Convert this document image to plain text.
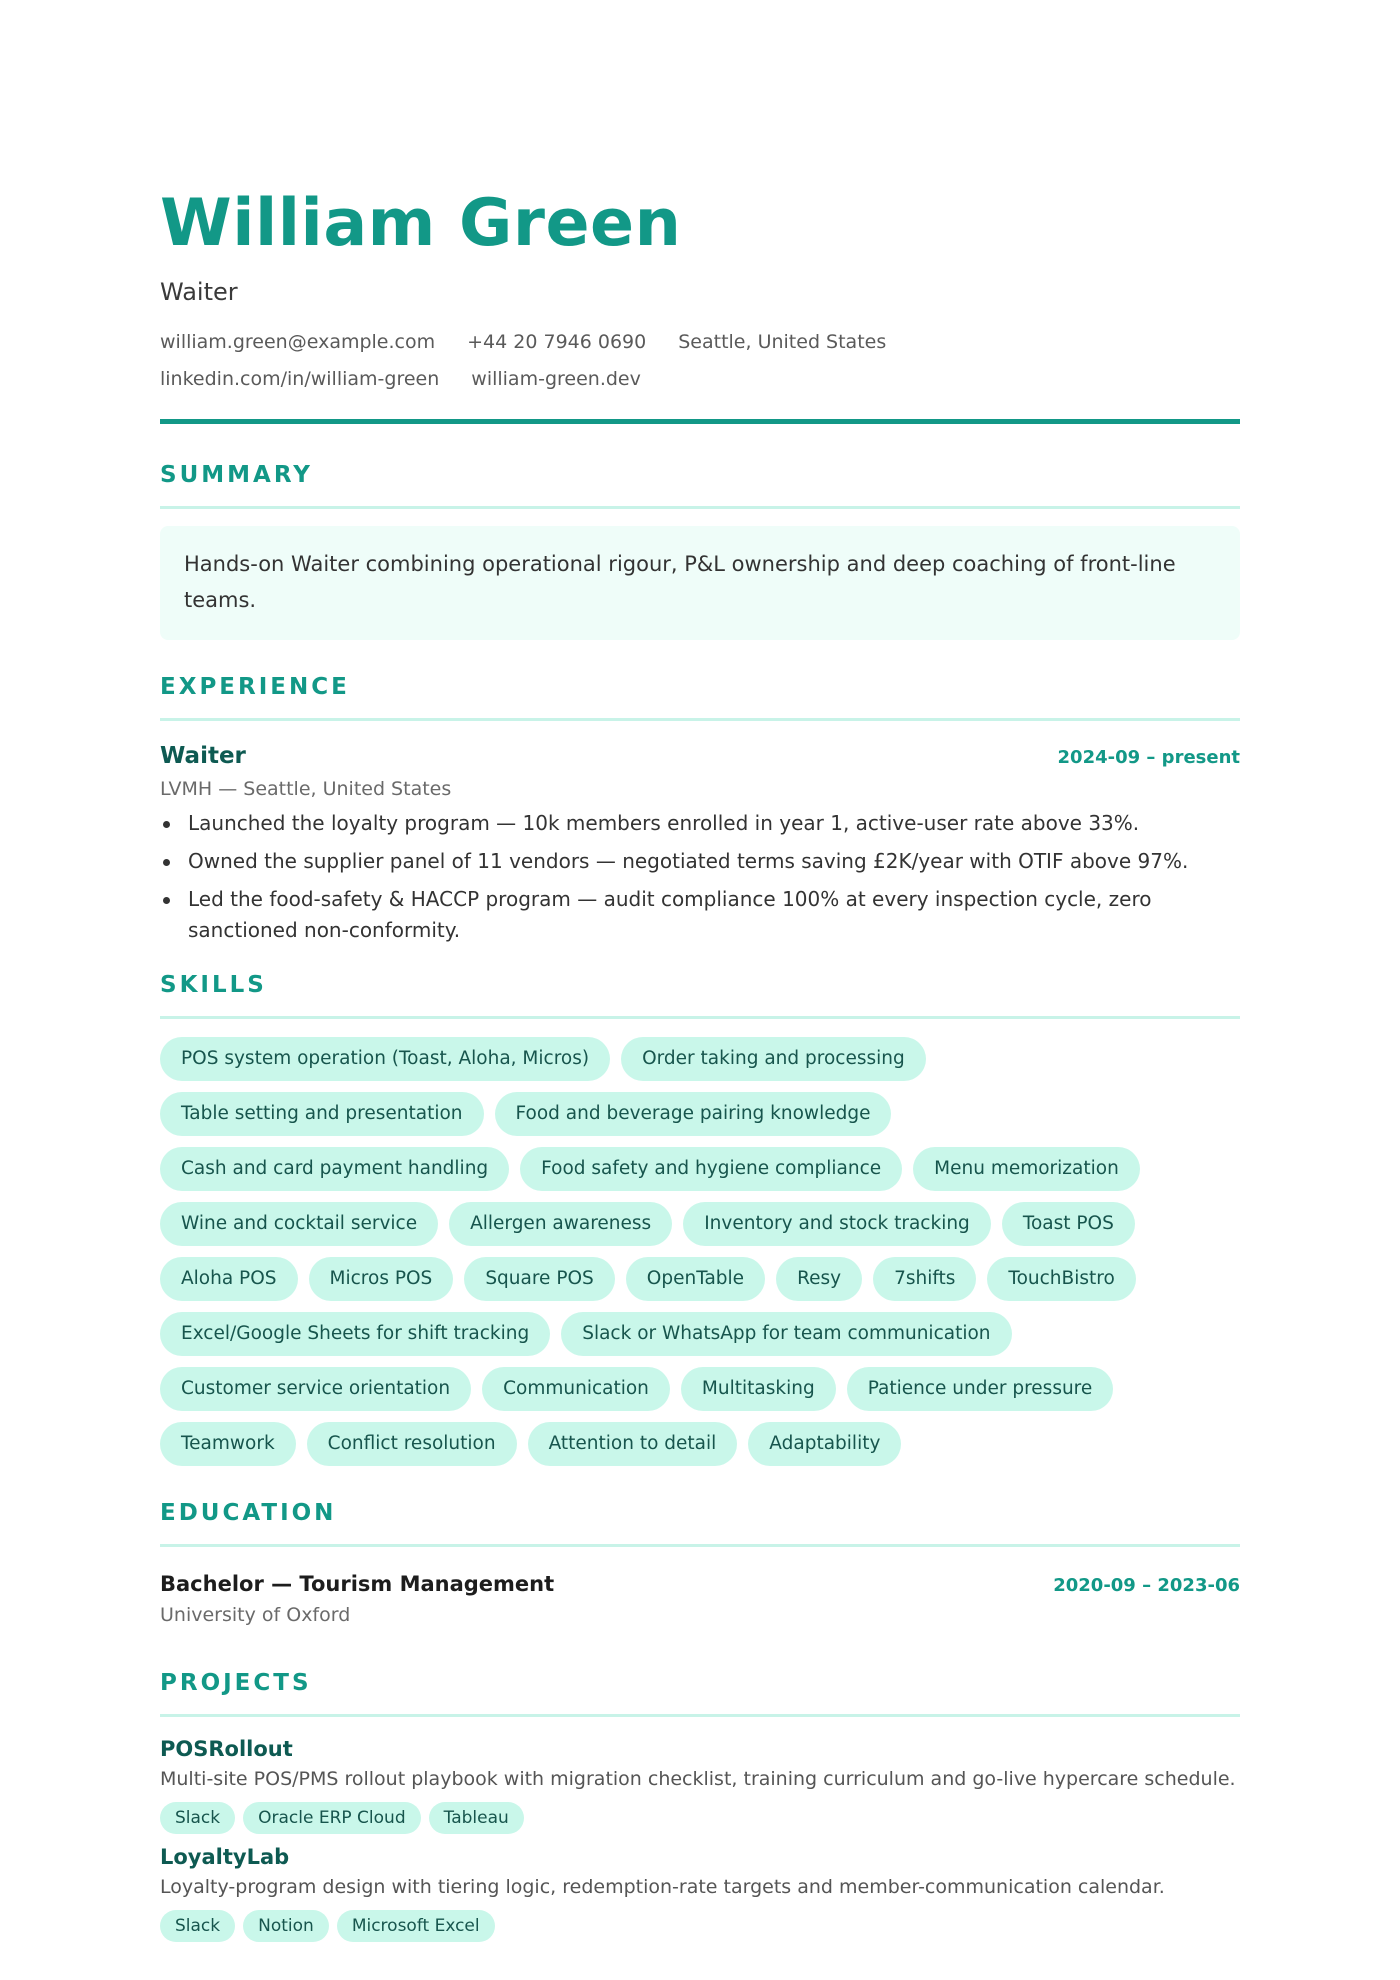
William Green
Waiter
william.green@example.com +44 20 7946 0690 Seattle, United States
linkedin.com/in/william-green william-green.dev
SUMMARY
Hands-on Waiter combining operational rigour, P&L ownership and deep coaching of front-line teams.
EXPERIENCE
Waiter	2024-09 – present
LVMH — Seattle, United States
Launched the loyalty program — 10k members enrolled in year 1, active-user rate above 33%.
Owned the supplier panel of 11 vendors — negotiated terms saving £2K/year with OTIF above 97%.
Led the food-safety & HACCP program — audit compliance 100% at every inspection cycle, zero sanctioned non-conformity.
SKILLS
POS system operation (Toast, Aloha, Micros)	Order taking and processing
Table setting and presentation	Food and beverage pairing knowledge
Cash and card payment handling	Food safety and hygiene compliance	Menu memorization
Wine and cocktail service	Allergen awareness	Inventory and stock tracking	Toast POS
Aloha POS	Micros POS	Square POS	OpenTable	Resy	7shifts	TouchBistro
Excel/Google Sheets for shift tracking	Slack or WhatsApp for team communication
Customer service orientation	Communication	Multitasking	Patience under pressure
Teamwork	Conflict resolution	Attention to detail	Adaptability
EDUCATION
Bachelor — Tourism Management	2020-09 – 2023-06
University of Oxford
PROJECTS
POSRollout
Multi-site POS/PMS rollout playbook with migration checklist, training curriculum and go-live hypercare schedule.
Slack	Oracle ERP Cloud	Tableau
LoyaltyLab
Loyalty-program design with tiering logic, redemption-rate targets and member-communication calendar.
Slack	Notion	Microsoft Excel
